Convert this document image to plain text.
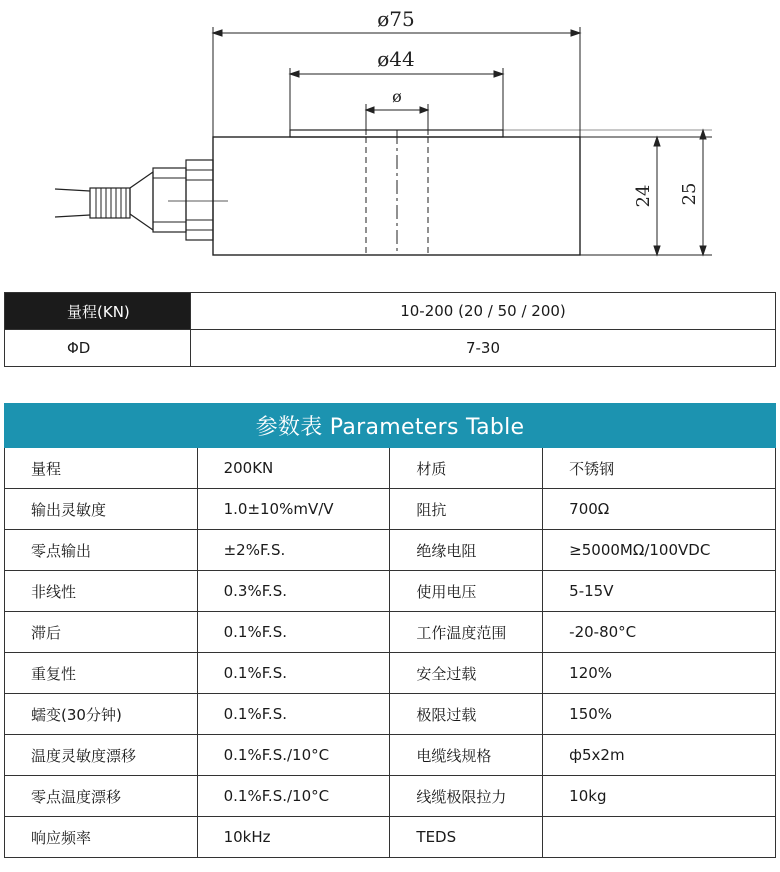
ø75
ø44
ø
24 25
量程(KN)	10-200 (20 / 50 / 200)
ΦD	7-30
参数表 Parameters Table			
量程	200KN	材质	不锈钢
输出灵敏度	1.0±10%mV/V	阻抗	700Ω
零点输出	±2%F.S.	绝缘电阻	≥5000MΩ/100VDC
非线性	0.3%F.S.	使用电压	5-15V
滞后	0.1%F.S.	工作温度范围	-20-80°C
重复性	0.1%F.S.	安全过载	120%
蠕变(30分钟)	0.1%F.S.	极限过载	150%
温度灵敏度漂移	0.1%F.S./10°C	电缆线规格	ф5x2m
零点温度漂移	0.1%F.S./10°C	线缆极限拉力	10kg
响应频率	10kHz	TEDS	
